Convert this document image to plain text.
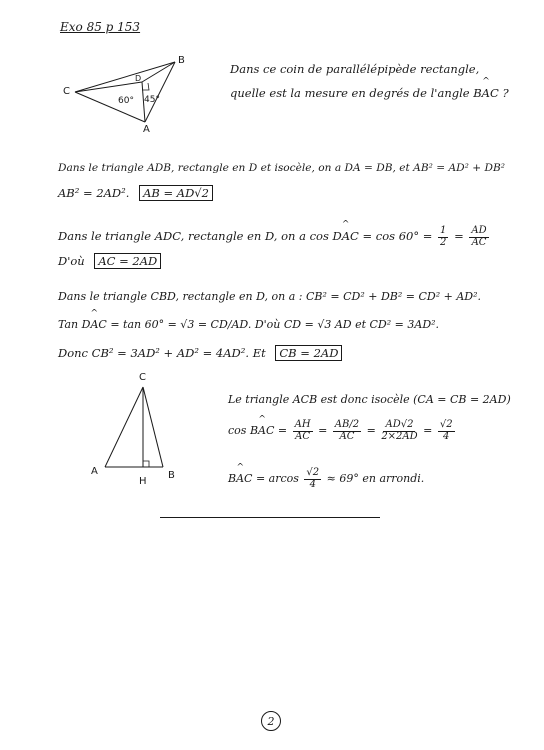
Exo 85 p 153
B
C
D
A
60° 45°
Dans ce coin de parallélépipède rectangle,
quelle est la mesure en degrés de l'angle ^ BAC ?
Dans le triangle ADB, rectangle en D et isocèle, on a DA = DB, et AB² = AD² + DB²
AB² = 2AD². AB = AD√2
Dans le triangle ADC, rectangle en D, on a cos ^ DAC = $\cos 60^\circ = \frac{1}{2} = \frac{AD}{AC}$
D'où AC = 2AD
Dans le triangle CBD, rectangle en D, on a : CB² = CD² + DB² = CD² + AD².
Tan ^ DAC = tan 60° = √3 = CD/AD. D'où CD = √3 AD et CD² = 3AD².
Donc CB² = 3AD² + AD² = 4AD². Et CB = 2AD
C
A
H
B
Le triangle ACB est donc isocèle (CA = CB = 2AD)
cos ^ BAC = $\frac{AH}{AC} = \frac{AB/2}{AC} = \frac{AD√2}{2\times 2AD} = \frac{√2}{4}$
^ BAC = arcos $\frac{√2}{4} \approx 69^\circ$ en arrondi.
2
